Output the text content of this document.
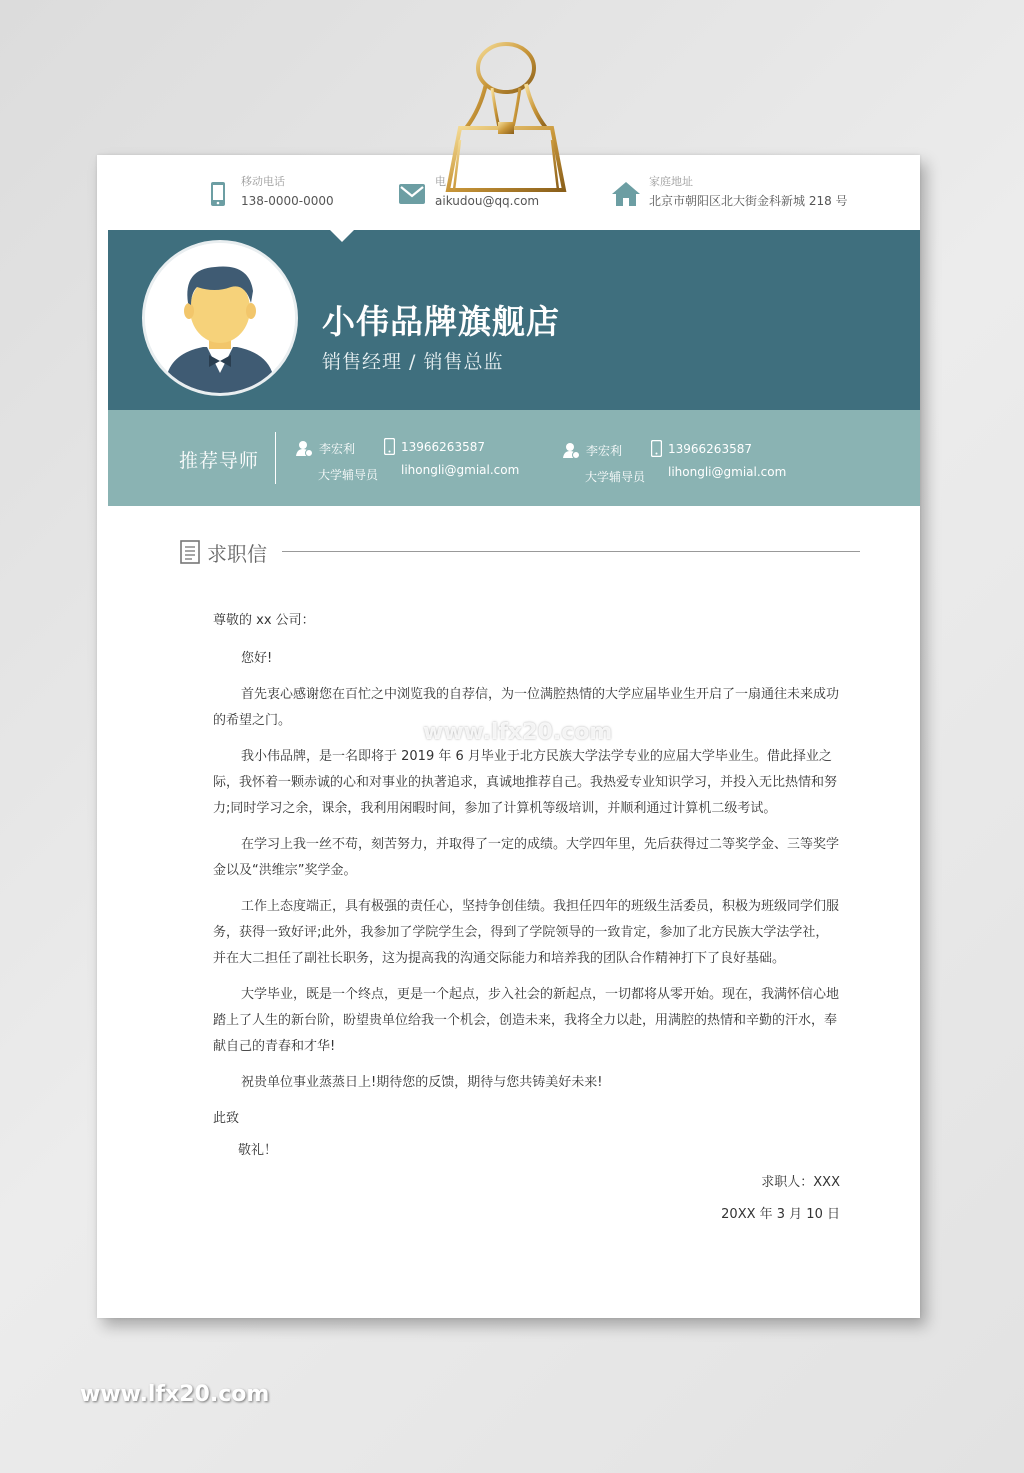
移动电话
138-0000-0000
电
aikudou@qq.com
家庭地址
北京市朝阳区北大街金科新城 218 号
小伟品牌旗舰店
销售经理 / 销售总监
推荐导师
李宏利
大学辅导员
13966263587
lihongli@gmial.com
李宏利
大学辅导员
13966263587
lihongli@gmial.com
求职信

尊敬的 xx 公司：

您好!

首先衷心感谢您在百忙之中浏览我的自荐信，为一位满腔热情的大学应届毕业生开启了一扇通往未来成功的希望之门。

我小伟品牌，是一名即将于 2019 年 6 月毕业于北方民族大学法学专业的应届大学毕业生。借此择业之际，我怀着一颗赤诚的心和对事业的执著追求，真诚地推荐自己。我热爱专业知识学习，并投入无比热情和努力;同时学习之余，课余，我利用闲暇时间，参加了计算机等级培训，并顺利通过计算机二级考试。

在学习上我一丝不苟，刻苦努力，并取得了一定的成绩。大学四年里，先后获得过二等奖学金、三等奖学金以及“洪维宗”奖学金。

工作上态度端正，具有极强的责任心，坚持争创佳绩。我担任四年的班级生活委员，积极为班级同学们服务，获得一致好评;此外，我参加了学院学生会，得到了学院领导的一致肯定，参加了北方民族大学法学社，并在大二担任了副社长职务，这为提高我的沟通交际能力和培养我的团队合作精神打下了良好基础。

大学毕业，既是一个终点，更是一个起点，步入社会的新起点，一切都将从零开始。现在，我满怀信心地踏上了人生的新台阶，盼望贵单位给我一个机会，创造未来，我将全力以赴，用满腔的热情和辛勤的汗水，奉献自己的青春和才华!

祝贵单位事业蒸蒸日上!期待您的反馈，期待与您共铸美好未来!

此致

敬礼！

求职人：XXX

20XX 年 3 月 10 日

www.lfx20.com
www.lfx20.com
